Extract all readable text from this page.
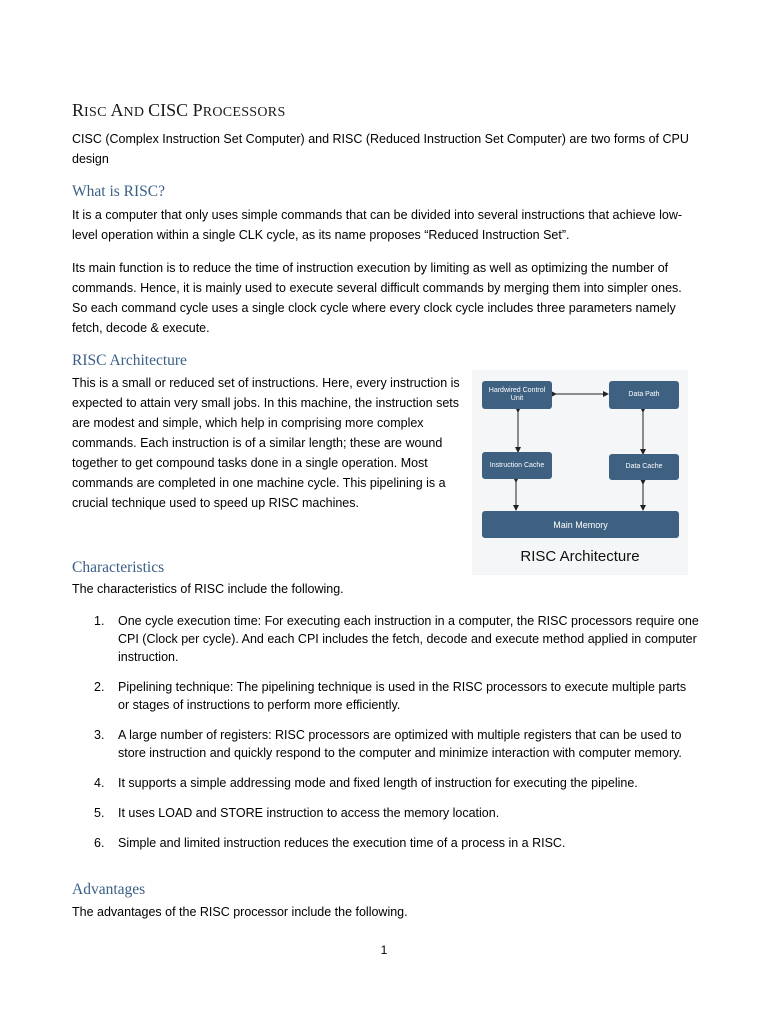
RISC AND CISC PROCESSORS

CISC (Complex Instruction Set Computer) and RISC (Reduced Instruction Set Computer) are two forms of CPU design

What is RISC?

It is a computer that only uses simple commands that can be divided into several instructions that achieve low-level operation within a single CLK cycle, as its name proposes “Reduced Instruction Set”.

Its main function is to reduce the time of instruction execution by limiting as well as optimizing the number of commands. Hence, it is mainly used to execute several difficult commands by merging them into simpler ones. So each command cycle uses a single clock cycle where every clock cycle includes three parameters namely fetch, decode & execute.

RISC Architecture

This is a small or reduced set of instructions. Here, every instruction is expected to attain very small jobs. In this machine, the instruction sets are modest and simple, which help in comprising more complex commands. Each instruction is of a similar length; these are wound together to get compound tasks done in a single operation. Most commands are completed in one machine cycle. This pipelining is a crucial technique used to speed up RISC machines.

Hardwired Control Unit
Data Path
Instruction Cache	Data Cache
Main Memory
RISC Architecture
Characteristics

The characteristics of RISC include the following.

1. One cycle execution time: For executing each instruction in a computer, the RISC processors require one CPI (Clock per cycle). And each CPI includes the fetch, decode and execute method applied in computer instruction.
2. Pipelining technique: The pipelining technique is used in the RISC processors to execute multiple parts or stages of instructions to perform more efficiently.
3. A large number of registers: RISC processors are optimized with multiple registers that can be used to store instruction and quickly respond to the computer and minimize interaction with computer memory.
4. It supports a simple addressing mode and fixed length of instruction for executing the pipeline.
5. It uses LOAD and STORE instruction to access the memory location.
6. Simple and limited instruction reduces the execution time of a process in a RISC.
Advantages

The advantages of the RISC processor include the following.

1
